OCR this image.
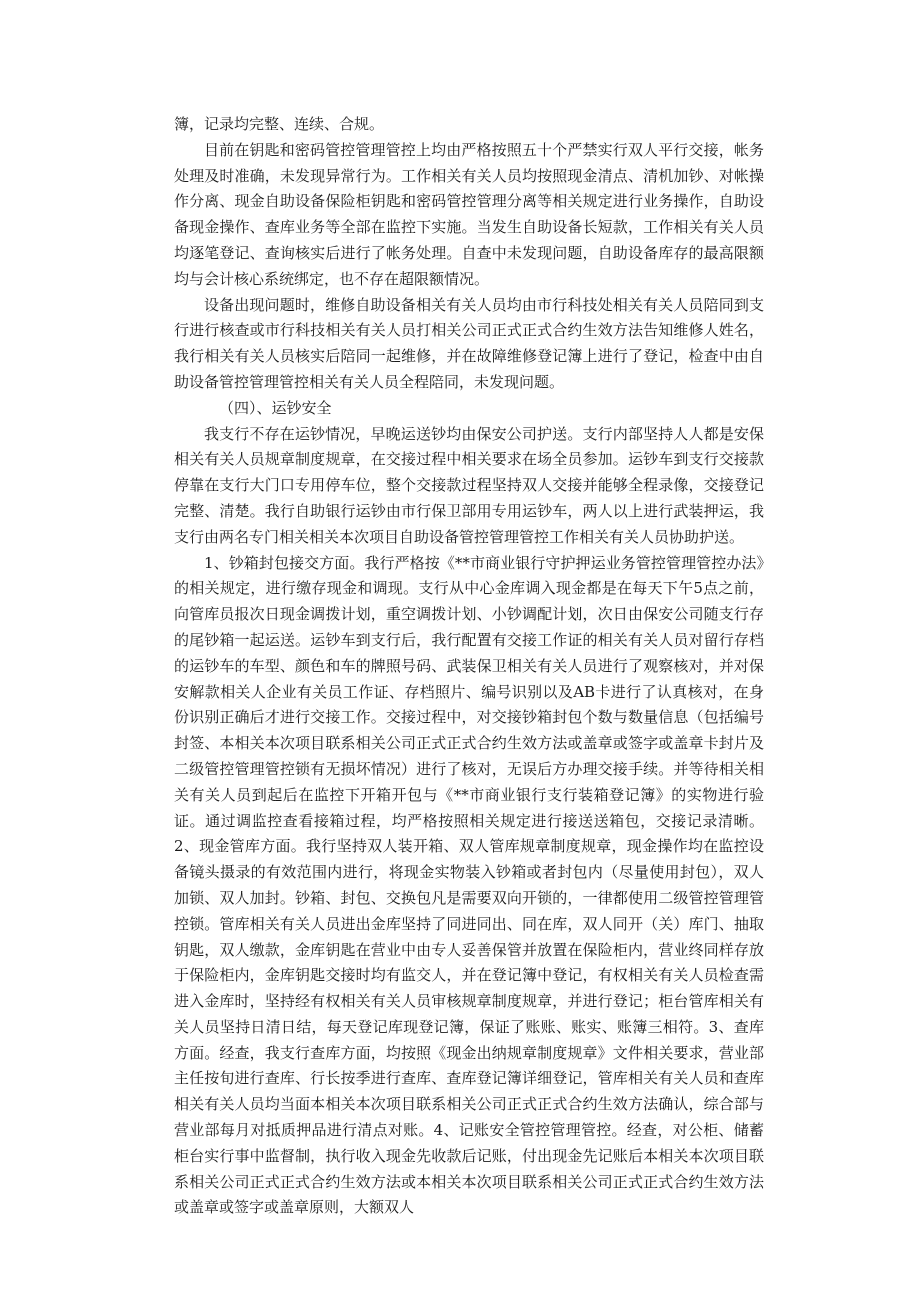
簿，记录均完整、连续、合规。

目前在钥匙和密码管控管理管控上均由严格按照五十个严禁实行双人平行交接，帐务处理及时准确，未发现异常行为。工作相关有关人员均按照现金清点、清机加钞、对帐操作分离、现金自助设备保险柜钥匙和密码管控管理分离等相关规定进行业务操作，自助设备现金操作、查库业务等全部在监控下实施。当发生自助设备长短款，工作相关有关人员均逐笔登记、查询核实后进行了帐务处理。自查中未发现问题，自助设备库存的最高限额均与会计核心系统绑定，也不存在超限额情况。

设备出现问题时，维修自助设备相关有关人员均由市行科技处相关有关人员陪同到支行进行核查或市行科技相关有关人员打相关公司正式正式合约生效方法告知维修人姓名，我行相关有关人员核实后陪同一起维修，并在故障维修登记簿上进行了登记，检查中由自助设备管控管理管控相关有关人员全程陪同，未发现问题。

（四）、运钞安全

我支行不存在运钞情况，早晚运送钞均由保安公司护送。支行内部坚持人人都是安保相关有关人员规章制度规章，在交接过程中相关要求在场全员参加。运钞车到支行交接款停靠在支行大门口专用停车位，整个交接款过程坚持双人交接并能够全程录像，交接登记完整、清楚。我行自助银行运钞由市行保卫部用专用运钞车，两人以上进行武装押运，我支行由两名专门相关相关本次项目自助设备管控管理管控工作相关有关人员协助护送。

1、钞箱封包接交方面。我行严格按《**市商业银行守护押运业务管控管理管控办法》的相关规定，进行缴存现金和调现。支行从中心金库调入现金都是在每天下午5点之前，向管库员报次日现金调拨计划，重空调拨计划、小钞调配计划，次日由保安公司随支行存的尾钞箱一起运送。运钞车到支行后，我行配置有交接工作证的相关有关人员对留行存档的运钞车的车型、颜色和车的牌照号码、武装保卫相关有关人员进行了观察核对，并对保安解款相关人企业有关员工作证、存档照片、编号识别以及AB卡进行了认真核对，在身份识别正确后才进行交接工作。交接过程中，对交接钞箱封包个数与数量信息（包括编号封签、本相关本次项目联系相关公司正式正式合约生效方法或盖章或签字或盖章卡封片及二级管控管理管控锁有无损坏情况）进行了核对，无误后方办理交接手续。并等待相关相关有关人员到起后在监控下开箱开包与《**市商业银行支行装箱登记簿》的实物进行验证。通过调监控查看接箱过程，均严格按照相关规定进行接送送箱包，交接记录清晰。2、现金管库方面。我行坚持双人装开箱、双人管库规章制度规章，现金操作均在监控设备镜头摄录的有效范围内进行，将现金实物装入钞箱或者封包内（尽量使用封包），双人加锁、双人加封。钞箱、封包、交换包凡是需要双向开锁的，一律都使用二级管控管理管控锁。管库相关有关人员进出金库坚持了同进同出、同在库，双人同开（关）库门、抽取钥匙，双人缴款，金库钥匙在营业中由专人妥善保管并放置在保险柜内，营业终同样存放于保险柜内，金库钥匙交接时均有监交人，并在登记簿中登记，有权相关有关人员检查需进入金库时，坚持经有权相关有关人员审核规章制度规章，并进行登记；柜台管库相关有关人员坚持日清日结，每天登记库现登记簿，保证了账账、账实、账簿三相符。3、查库方面。经查，我支行查库方面，均按照《现金出纳规章制度规章》文件相关要求，营业部主任按旬进行查库、行长按季进行查库、查库登记簿详细登记，管库相关有关人员和查库相关有关人员均当面本相关本次项目联系相关公司正式正式合约生效方法确认，综合部与营业部每月对抵质押品进行清点对账。4、记账安全管控管理管控。经查，对公柜、储蓄柜台实行事中监督制，执行收入现金先收款后记账，付出现金先记账后本相关本次项目联系相关公司正式正式合约生效方法或本相关本次项目联系相关公司正式正式合约生效方法或盖章或签字或盖章原则，大额双人
